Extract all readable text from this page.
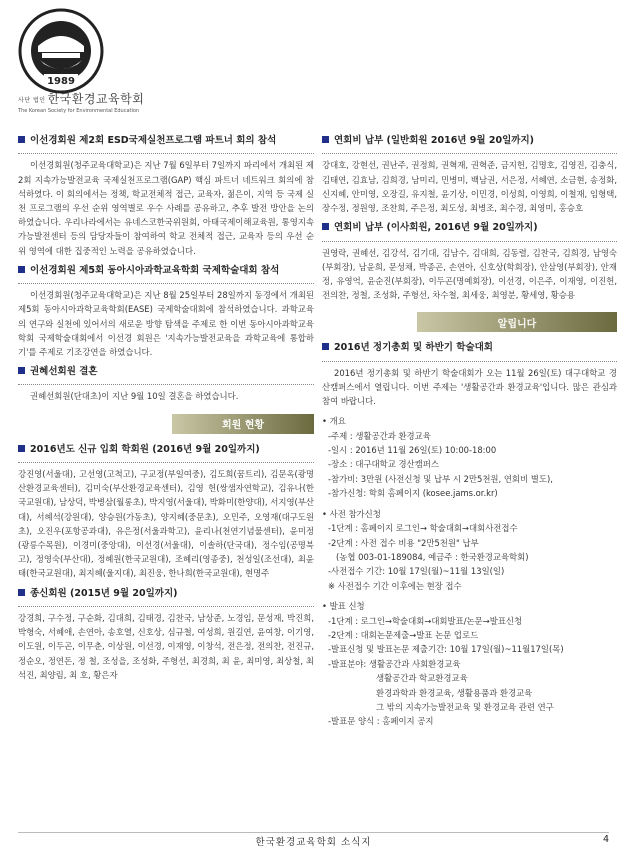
SINCE
1989
사단 법인 한국환경교육학회
The Korean Society for Environmental Education
이선경회원 제2회 ESD국제실천프로그램 파트너 회의 참석

이선경회원(청주교육대학교)은 지난 7월 6일부터 7일까지 파리에서 개최된 제2회 지속가능발전교육 국제실천프로그램(GAP) 핵심 파트너 네트워크 회의에 참석하였다. 이 회의에서는 정책, 학교전체적 접근, 교육자, 젊은이, 지역 등 국제 실천 프로그램의 우선 순위 영역별로 우수 사례를 공유하고, 추후 발전 방안을 논의하였습니다. 우리나라에서는 유네스코한국위원회, 아태국제이해교육원, 통영지속가능발전센터 등의 담당자들이 참여하여 학교 전체적 접근, 교육자 등의 우선 순위 영역에 대한 집중적인 노력을 공유하였습니다.

이선경회원 제5회 동아시아과학교육학회 국제학술대회 참석

이선경회원(청주교육대학교)은 지난 8월 25일부터 28일까지 동경에서 개최된 제5회 동아시아과학교육학회(EASE) 국제학술대회에 참석하였습니다. 과학교육의 연구와 실천에 있어서의 새로운 방향 탐색을 주제로 한 이번 동아시아과학교육학회 국제학술대회에서 이선경 회원은 '지속가능발전교육을 과학교육에 통합하기'를 주제로 기조강연을 하였습니다.

권혜선회원 결혼

권혜선회원(단대초)이 지난 9월 10일 결혼을 하였습니다.

회원 현황
2016년도 신규 입회 학회원 (2016년 9월 20일까지)

강진영(서울대), 고선영(고척고), 구교정(부일여중), 김도희(꿈트리), 김문옥(광명산환경교육센터), 김미숙(부산환경교육센터), 김영 헌(쌍샘자연학교), 김유나(한국교원대), 남상덕, 박병삼(월롱초), 박지영(서울대), 박화미(한양대), 서지영(부산대), 서혜석(강원대), 양승원(가동초), 양지혜(중문초), 오민주, 오영재(대구도원초), 오진우(포항공과대), 유은정(서울과학고), 윤리나(천연기념물센터), 윤미정(광릉수목원), 이경미(중앙대), 이선경(서울대), 이솔하(단국대), 정수임(공명북고), 정영숙(부산대), 정혜원(한국교원대), 조혜리(영종중), 천성일(조선대), 최윤태(한국교원대), 최지혜(울지대), 최진웅, 한나희(한국교원대), 현명주

종신회원 (2015년 9월 20일까지)

강경희, 구수정, 구순화, 김대희, 김태경, 김찬국, 남상준, 노경임, 문성재, 박진희, 박형숙, 서혜애, 손연아, 송호열, 신호상, 심규철, 여성희, 원길연, 윤여창, 이기영, 이도원, 이두곤, 이무춘, 이상원, 이선경, 이재영, 이창석, 전은정, 전의찬, 전진규, 정순오, 정연돈, 정 철, 조성을, 조성화, 주형선, 최경희, 최 윤, 최미영, 최상철, 최석진, 최양림, 최 호, 황은자

연회비 납부 (일반회원 2016년 9월 20일까지)

강대호, 강현선, 권난주, 권정희, 권혁재, 권혁준, 금지헌, 김명호, 김영진, 김충식, 김태연, 김효남, 김희경, 남미리, 민병미, 백남권, 서은정, 서혜연, 소금현, 송정화, 신지혜, 안미영, 오장길, 유지철, 윤기상, 이민경, 이성희, 이영희, 이철재, 임형택, 장수정, 정원영, 조찬희, 주은정, 최도성, 최병조, 최수경, 최영미, 홍승호

연회비 납부 (이사회원, 2016년 9월 20일까지)

권영락, 권혜선, 김강석, 김기대, 김남수, 김대희, 김동렬, 김찬국, 김희경, 남영숙(부회장), 남윤희, 문성채, 박종곤, 손연아, 신호상(학회장), 안삼영(부회장), 안재정, 유영억, 윤순진(부회장), 이두곤(명예회장), 이선경, 이은주, 이재영, 이진헌, 전의찬, 정철, 조성화, 주형선, 차수철, 최세웅, 최영분, 황세영, 황승용

알립니다
2016년 정기총회 및 하반기 학술대회

2016년 정기총회 및 하반기 학술대회가 오는 11월 26일(토) 대구대학교 경산캠퍼스에서 열립니다. 이번 주제는 '생활공간과 환경교육'입니다. 많은 관심과 참여 바랍니다.

• 개요
-주제 : 생활공간과 환경교육
-일시 : 2016년 11월 26일(토) 10:00-18:00
-장소 : 대구대학교 경산캠퍼스
-참가비: 3만원 (사전신청 및 납부 시 2만5천원, 연회비 별도),
-참가신청: 학회 홈페이지 (kosee.jams.or.kr)
• 사전 참가신청
-1단계 : 홈페이지 로그인→ 학술대회→대회사전접수
-2단계 : 사전 접수 비용 "2만5천원" 납부
(농협 003-01-189084, 예금주 : 한국환경교육학회)
-사전접수 기간: 10월 17일(월)~11월 13일(일)
※ 사전접수 기간 이후에는 현장 접수
• 발표 신청
-1단계 : 로그인→학술대회→대회발표/논문→발표신청
-2단계 : 대회논문제출→발표 논문 업로드
-발표신청 및 발표논문 제출기간: 10월 17일(월)~11월17일(목)
-발표분야: 생활공간과 사회환경교육
생활공간과 학교환경교육
환경과학과 환경교육, 생활용품과 환경교육
그 밖의 지속가능발전교육 및 환경교육 관련 연구
-발표문 양식 : 홈페이지 공지
한국환경교육학회 소식지	4
